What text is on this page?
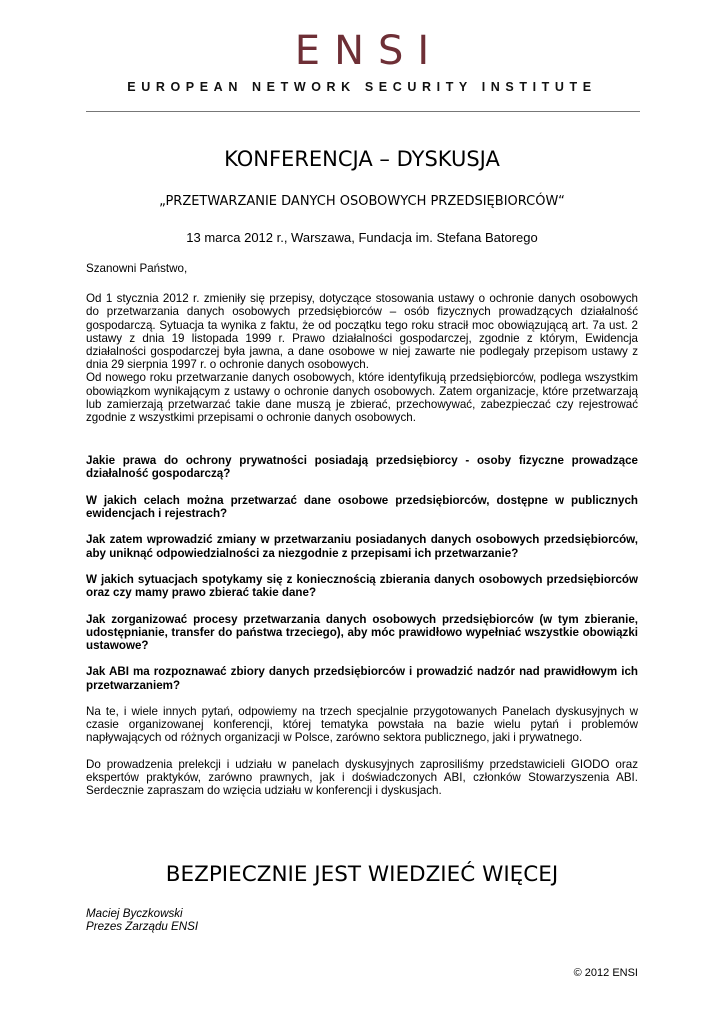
ENSI
EUROPEAN NETWORK SECURITY INSTITUTE
KONFERENCJA – DYSKUSJA
„PRZETWARZANIE DANYCH OSOBOWYCH PRZEDSIĘBIORCÓW“
13 marca 2012 r., Warszawa, Fundacja im. Stefana Batorego

Szanowni Państwo,

Od 1 stycznia 2012 r. zmieniły się przepisy, dotyczące stosowania ustawy o ochronie danych osobowych do przetwarzania danych osobowych przedsiębiorców – osób fizycznych prowadzących działalność gospodarczą. Sytuacja ta wynika z faktu, że od początku tego roku stracił moc obowiązującą art. 7a ust. 2 ustawy z dnia 19 listopada 1999 r. Prawo działalności gospodarczej, zgodnie z którym, Ewidencja działalności gospodarczej była jawna, a dane osobowe w niej zawarte nie podlegały przepisom ustawy z dnia 29 sierpnia 1997 r. o ochronie danych osobowych.

Od nowego roku przetwarzanie danych osobowych, które identyfikują przedsiębiorców, podlega wszystkim obowiązkom wynikającym z ustawy o ochronie danych osobowych. Zatem organizacje, które przetwarzają lub zamierzają przetwarzać takie dane muszą je zbierać, przechowywać, zabezpieczać czy rejestrować zgodnie z wszystkimi przepisami o ochronie danych osobowych.

Jakie prawa do ochrony prywatności posiadają przedsiębiorcy - osoby fizyczne prowadzące działalność gospodarczą?

W jakich celach można przetwarzać dane osobowe przedsiębiorców, dostępne w publicznych ewidencjach i rejestrach?

Jak zatem wprowadzić zmiany w przetwarzaniu posiadanych danych osobowych przedsiębiorców, aby uniknąć odpowiedzialności za niezgodnie z przepisami ich przetwarzanie?

W jakich sytuacjach spotykamy się z koniecznością zbierania danych osobowych przedsiębiorców oraz czy mamy prawo zbierać takie dane?

Jak zorganizować procesy przetwarzania danych osobowych przedsiębiorców (w tym zbieranie, udostępnianie, transfer do państwa trzeciego), aby móc prawidłowo wypełniać wszystkie obowiązki ustawowe?

Jak ABI ma rozpoznawać zbiory danych przedsiębiorców i prowadzić nadzór nad prawidłowym ich przetwarzaniem?

Na te, i wiele innych pytań, odpowiemy na trzech specjalnie przygotowanych Panelach dyskusyjnych w czasie organizowanej konferencji, której tematyka powstała na bazie wielu pytań i problemów napływających od różnych organizacji w Polsce, zarówno sektora publicznego, jaki i prywatnego.

Do prowadzenia prelekcji i udziału w panelach dyskusyjnych zaprosiliśmy przedstawicieli GIODO oraz ekspertów praktyków, zarówno prawnych, jak i doświadczonych ABI, członków Stowarzyszenia ABI. Serdecznie zapraszam do wzięcia udziału w konferencji i dyskusjach.

BEZPIECZNIE JEST WIEDZIEĆ WIĘCEJ
Maciej Byczkowski
Prezes Zarządu ENSI
© 2012 ENSI
